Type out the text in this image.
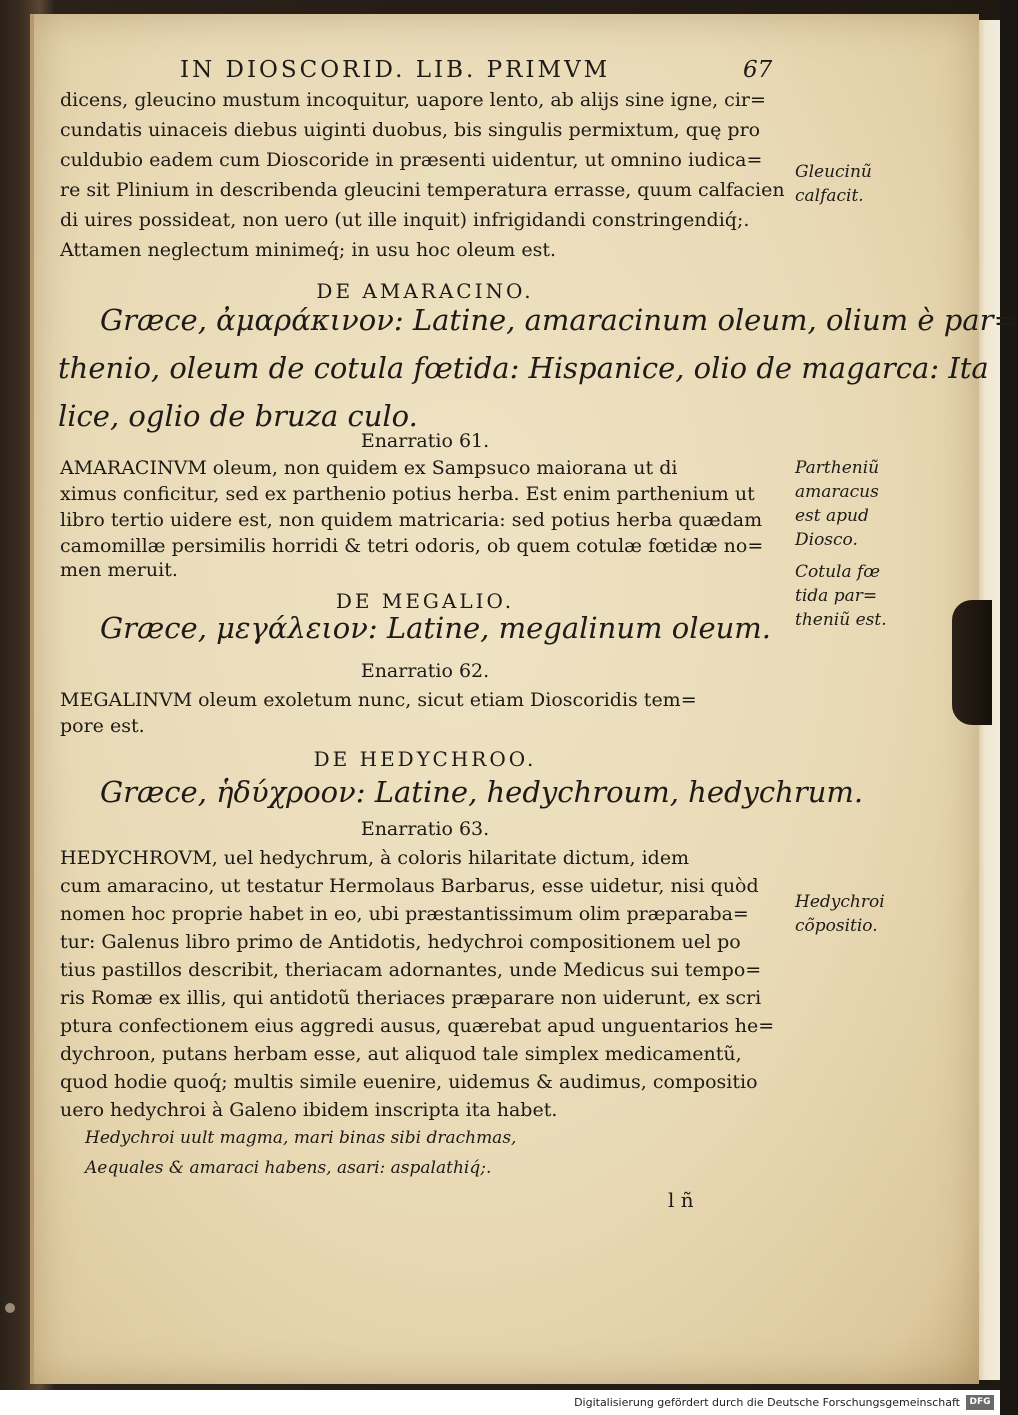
IN DIOSCORID. LIB. PRIMVM	67
dicens, gleucino mustum incoquitur, uapore lento, ab alijs sine igne, cir=
cundatis uinaceis diebus uiginti duobus, bis singulis permixtum, quę pro
culdubio eadem cum Dioscoride in præsenti uidentur, ut omnino iudica=
re sit Plinium in describenda gleucini temperatura errasse, quum calfacien
di uires possideat, non uero (ut ille inquit) infrigidandi constringendiq́;.
Attamen neglectum minimeq́; in usu hoc oleum est.
DE AMARACINO.
Græce, ἀμαράκινον: Latine, amaracinum oleum, olium è par=
thenio, oleum de cotula fœtida: Hispanice, olio de magarca: Ita
lice, oglio de bruza culo.
Enarratio 61.
AMARACINVM oleum, non quidem ex Sampsuco maiorana ut di
ximus conficitur, sed ex parthenio potius herba. Est enim parthenium ut
libro tertio uidere est, non quidem matricaria: sed potius herba quædam
camomillæ persimilis horridi & tetri odoris, ob quem cotulæ fœtidæ no=
men meruit.
DE MEGALIO.
Græce, μεγάλειον: Latine, megalinum oleum.
Enarratio 62.
MEGALINVM oleum exoletum nunc, sicut etiam Dioscoridis tem=
pore est.
DE HEDYCHROO.
Græce, ἡδύχροον: Latine, hedychroum, hedychrum.
Enarratio 63.
HEDYCHROVM, uel hedychrum, à coloris hilaritate dictum, idem
cum amaracino, ut testatur Hermolaus Barbarus, esse uidetur, nisi quòd
nomen hoc proprie habet in eo, ubi præstantissimum olim præparaba=
tur: Galenus libro primo de Antidotis, hedychroi compositionem uel po
tius pastillos describit, theriacam adornantes, unde Medicus sui tempo=
ris Romæ ex illis, qui antidotũ theriaces præparare non uiderunt, ex scri
ptura confectionem eius aggredi ausus, quærebat apud unguentarios he=
dychroon, putans herbam esse, aut aliquod tale simplex medicamentũ,
quod hodie quoq́; multis simile euenire, uidemus & audimus, compositio
uero hedychroi à Galeno ibidem inscripta ita habet.
Hedychroi uult magma, mari binas sibi drachmas,
Aequales & amaraci habens, asari: aspalathiq́;.
Gleucinũ
calfacit.
Partheniũ
amaracus
est apud
Diosco.
Cotula fœ
tida par=
theniũ est.
Hedychroi
cõpositio.
l ñ
Digitalisierung gefördert durch die Deutsche Forschungsgemeinschaft	DFG
